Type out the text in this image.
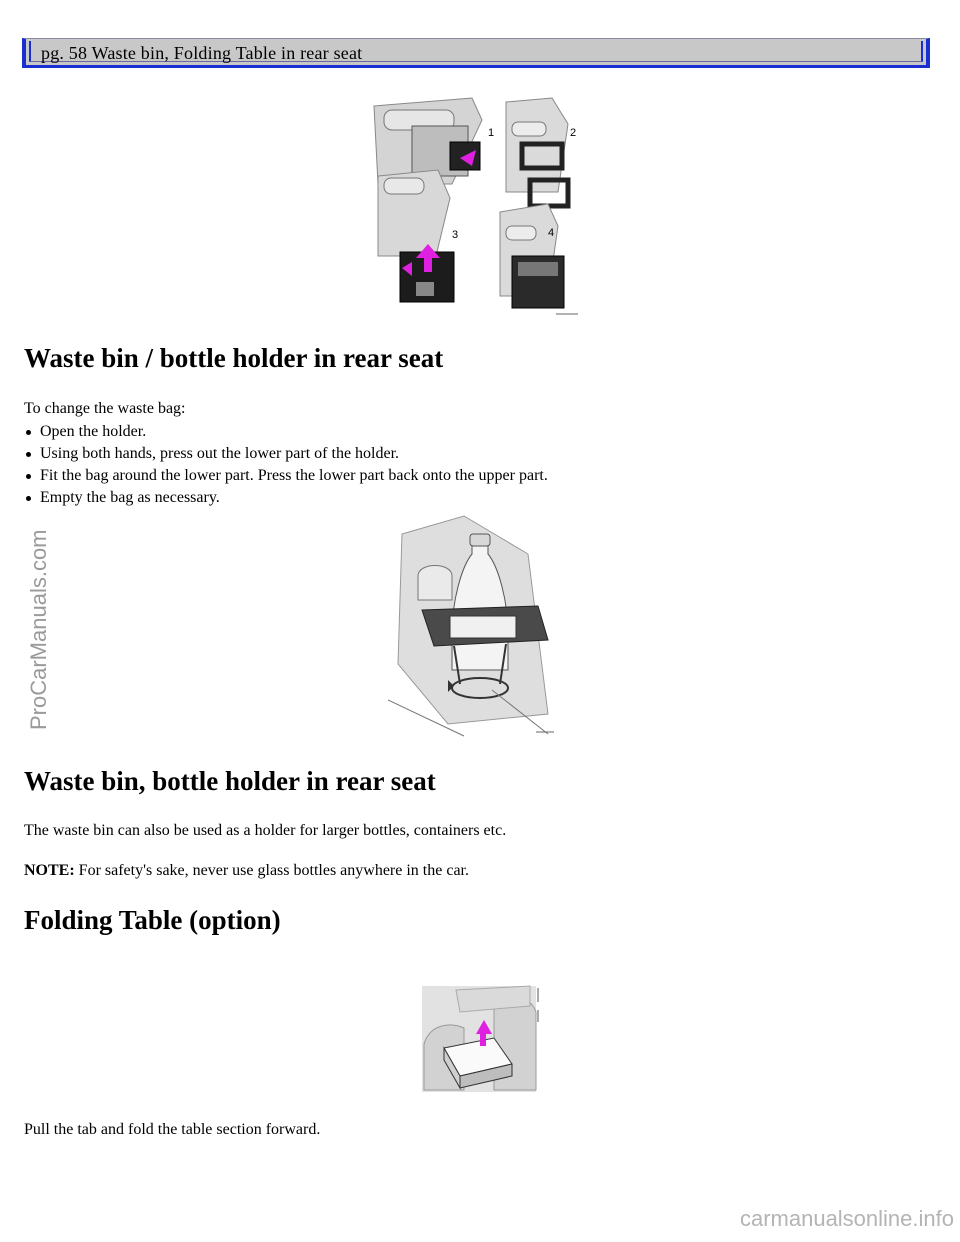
pg. 58 Waste bin, Folding Table in rear seat
1	2
3	4
Waste bin / bottle holder in rear seat

To change the waste bag:

Open the holder.
Using both hands, press out the lower part of the holder.
Fit the bag around the lower part. Press the lower part back onto the upper part.
Empty the bag as necessary.
Waste bin, bottle holder in rear seat

The waste bin can also be used as a holder for larger bottles, containers etc.

NOTE: For safety's sake, never use glass bottles anywhere in the car.

Folding Table (option)

Pull the tab and fold the table section forward.

ProCarManuals.com
carmanualsonline.info
